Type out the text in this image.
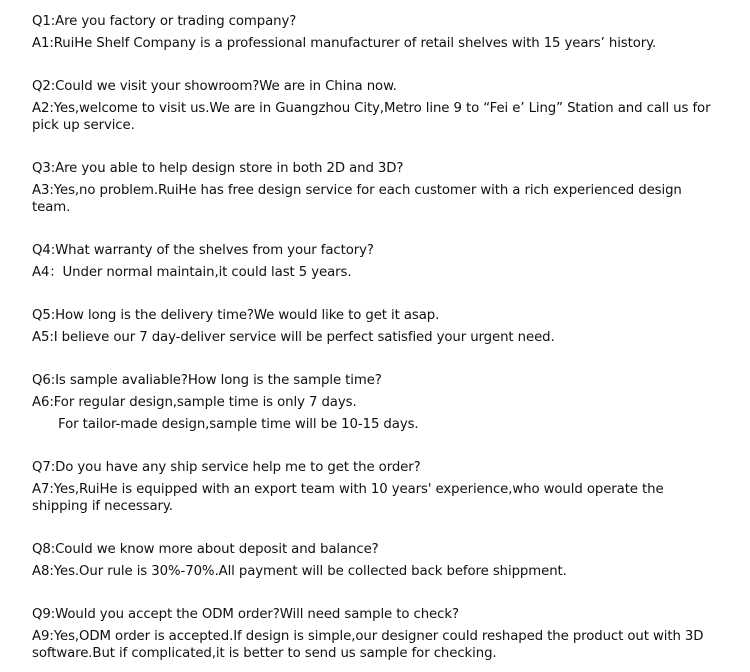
Q1:Are you factory or trading company?

A1:RuiHe Shelf Company is a professional manufacturer of retail shelves with 15 years’ history.

Q2:Could we visit your showroom?We are in China now.

A2:Yes,welcome to visit us.We are in Guangzhou City,Metro line 9 to “Fei e’ Ling” Station and call us for pick up service.

Q3:Are you able to help design store in both 2D and 3D?

A3:Yes,no problem.RuiHe has free design service for each customer with a rich experienced design team.

Q4:What warranty of the shelves from your factory?

A4：Under normal maintain,it could last 5 years.

Q5:How long is the delivery time?We would like to get it asap.

A5:I believe our 7 day-deliver service will be perfect satisfied your urgent need.

Q6:Is sample avaliable?How long is the sample time?

A6:For regular design,sample time is only 7 days.

For tailor-made design,sample time will be 10-15 days.

Q7:Do you have any ship service help me to get the order?

A7:Yes,RuiHe is equipped with an export team with 10 years' experience,who would operate the shipping if necessary.

Q8:Could we know more about deposit and balance?

A8:Yes.Our rule is 30%-70%.All payment will be collected back before shippment.

Q9:Would you accept the ODM order?Will need sample to check?

A9:Yes,ODM order is accepted.If design is simple,our designer could reshaped the product out with 3D software.But if complicated,it is better to send us sample for checking.
